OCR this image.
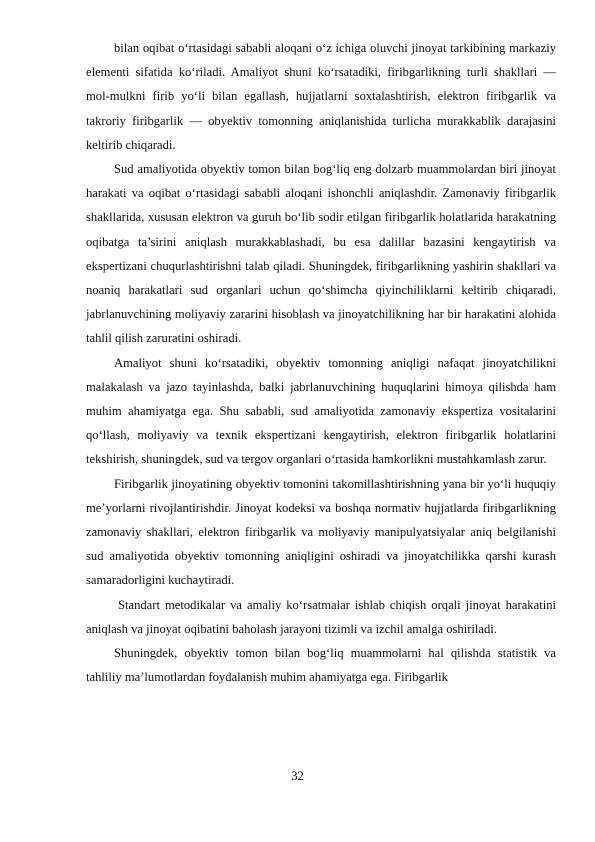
bilan oqibat o‘rtasidagi sababli aloqani o‘z ichiga oluvchi jinoyat tarkibining markaziy elementi sifatida ko‘riladi. Amaliyot shuni ko‘rsatadiki, firibgarlikning turli shakllari — mol-mulkni firib yo‘li bilan egallash, hujjatlarni soxtalashtirish, elektron firibgarlik va takroriy firibgarlik — obyektiv tomonning aniqlanishida turlicha murakkablik darajasini keltirib chiqaradi.

Sud amaliyotida obyektiv tomon bilan bog‘liq eng dolzarb muammolardan biri jinoyat harakati va oqibat o‘rtasidagi sababli aloqani ishonchli aniqlashdir. Zamonaviy firibgarlik shakllarida, xususan elektron va guruh bo‘lib sodir etilgan firibgarlik holatlarida harakatning oqibatga ta’sirini aniqlash murakkablashadi, bu esa dalillar bazasini kengaytirish va ekspertizani chuqurlashtirishni talab qiladi. Shuningdek, firibgarlikning yashirin shakllari va noaniq harakatlari sud organlari uchun qo‘shimcha qiyinchiliklarni keltirib chiqaradi, jabrlanuvchining moliyaviy zararini hisoblash va jinoyatchilikning har bir harakatini alohida tahlil qilish zaruratini oshiradi.

Amaliyot shuni ko‘rsatadiki, obyektiv tomonning aniqligi nafaqat jinoyatchilikni malakalash va jazo tayinlashda, balki jabrlanuvchining huquqlarini himoya qilishda ham muhim ahamiyatga ega. Shu sababli, sud amaliyotida zamonaviy ekspertiza vositalarini qo‘llash, moliyaviy va texnik ekspertizani kengaytirish, elektron firibgarlik holatlarini tekshirish, shuningdek, sud va tergov organlari o‘rtasida hamkorlikni mustahkamlash zarur.

Firibgarlik jinoyatining obyektiv tomonini takomillashtirishning yana bir yo‘li huquqiy me’yorlarni rivojlantirishdir. Jinoyat kodeksi va boshqa normativ hujjatlarda firibgarlikning zamonaviy shakllari, elektron firibgarlik va moliyaviy manipulyatsiyalar aniq belgilanishi sud amaliyotida obyektiv tomonning aniqligini oshiradi va jinoyatchilikka qarshi kurash samaradorligini kuchaytiradi.

Standart metodikalar va amaliy ko‘rsatmalar ishlab chiqish orqali jinoyat harakatini aniqlash va jinoyat oqibatini baholash jarayoni tizimli va izchil amalga oshiriladi.

Shuningdek, obyektiv tomon bilan bog‘liq muammolarni hal qilishda statistik va tahliliy ma’lumotlardan foydalanish muhim ahamiyatga ega. Firibgarlik

32
